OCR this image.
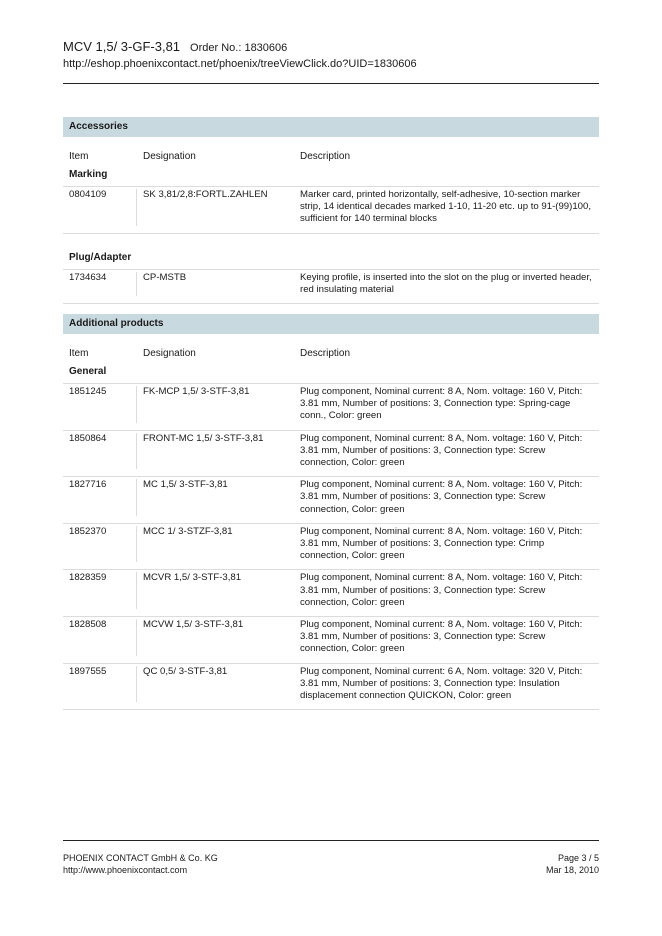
MCV 1,5/ 3-GF-3,81 Order No.: 1830606
http://eshop.phoenixcontact.net/phoenix/treeViewClick.do?UID=1830606
Accessories
Item	Designation	Description
Marking
0804109	SK 3,81/2,8:FORTL.ZAHLEN	Marker card, printed horizontally, self-adhesive, 10-section marker strip, 14 identical decades marked 1-10, 11-20 etc. up to 91-(99)100, sufficient for 140 terminal blocks
Plug/Adapter
1734634	CP-MSTB	Keying profile, is inserted into the slot on the plug or inverted header, red insulating material
Additional products
Item	Designation	Description
General
1851245	FK-MCP 1,5/ 3-STF-3,81	Plug component, Nominal current: 8 A, Nom. voltage: 160 V, Pitch: 3.81 mm, Number of positions: 3, Connection type: Spring-cage conn., Color: green
1850864	FRONT-MC 1,5/ 3-STF-3,81	Plug component, Nominal current: 8 A, Nom. voltage: 160 V, Pitch: 3.81 mm, Number of positions: 3, Connection type: Screw connection, Color: green
1827716	MC 1,5/ 3-STF-3,81	Plug component, Nominal current: 8 A, Nom. voltage: 160 V, Pitch: 3.81 mm, Number of positions: 3, Connection type: Screw connection, Color: green
1852370	MCC 1/ 3-STZF-3,81	Plug component, Nominal current: 8 A, Nom. voltage: 160 V, Pitch: 3.81 mm, Number of positions: 3, Connection type: Crimp connection, Color: green
1828359	MCVR 1,5/ 3-STF-3,81	Plug component, Nominal current: 8 A, Nom. voltage: 160 V, Pitch: 3.81 mm, Number of positions: 3, Connection type: Screw connection, Color: green
1828508	MCVW 1,5/ 3-STF-3,81	Plug component, Nominal current: 8 A, Nom. voltage: 160 V, Pitch: 3.81 mm, Number of positions: 3, Connection type: Screw connection, Color: green
1897555	QC 0,5/ 3-STF-3,81	Plug component, Nominal current: 6 A, Nom. voltage: 320 V, Pitch: 3.81 mm, Number of positions: 3, Connection type: Insulation displacement connection QUICKON, Color: green
PHOENIX CONTACT GmbH & Co. KG
http://www.phoenixcontact.com
Page 3 / 5
Mar 18, 2010
